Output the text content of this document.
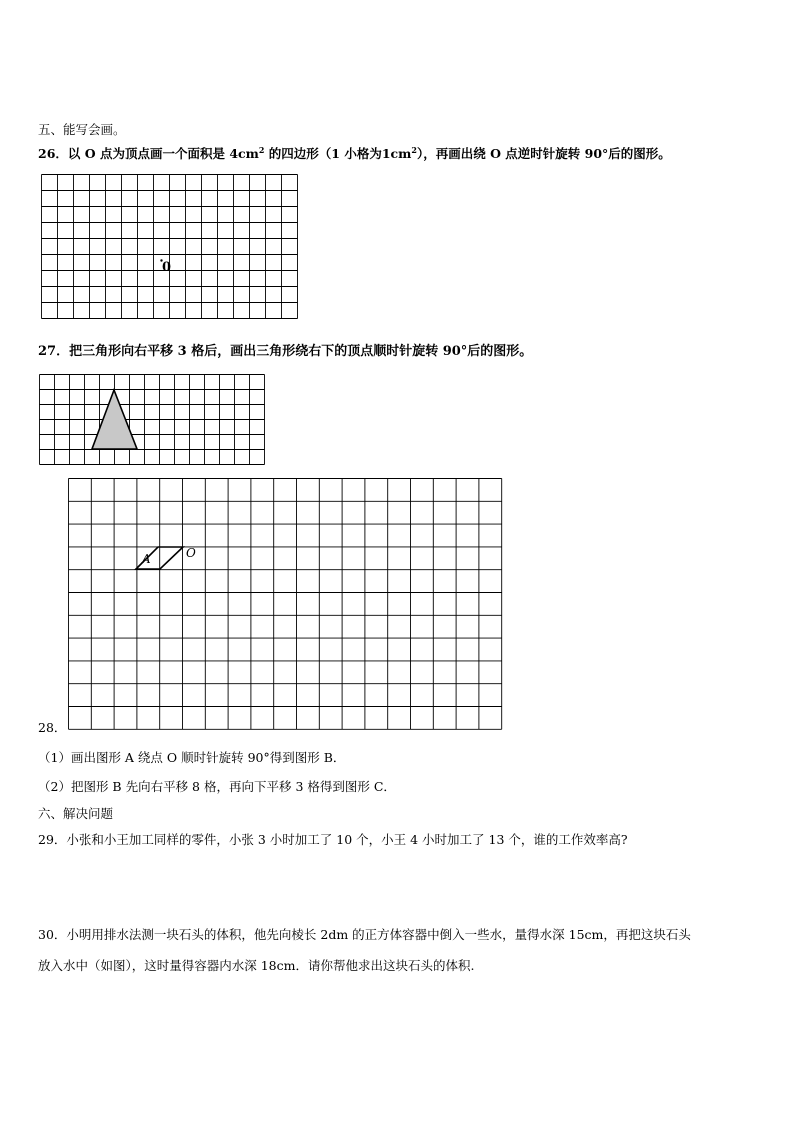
五、能写会画。
26．以 O 点为顶点画一个面积是 $4cm^2$ 的四边形（1 小格为$1cm^2$），再画出绕 O 点逆时针旋转 90°后的图形。
0
27．把三角形向右平移 3 格后，画出三角形绕右下的顶点顺时针旋转 90°后的图形。
A	O
28．
（1）画出图形 A 绕点 O 顺时针旋转 90°得到图形 B．
（2）把图形 B 先向右平移 8 格，再向下平移 3 格得到图形 C．
六、解决问题
29．小张和小王加工同样的零件，小张 3 小时加工了 10 个，小王 4 小时加工了 13 个，谁的工作效率高?
30．小明用排水法测一块石头的体积，他先向棱长 2dm 的正方体容器中倒入一些水，量得水深 15cm，再把这块石头
放入水中（如图），这时量得容器内水深 18cm．请你帮他求出这块石头的体积.
